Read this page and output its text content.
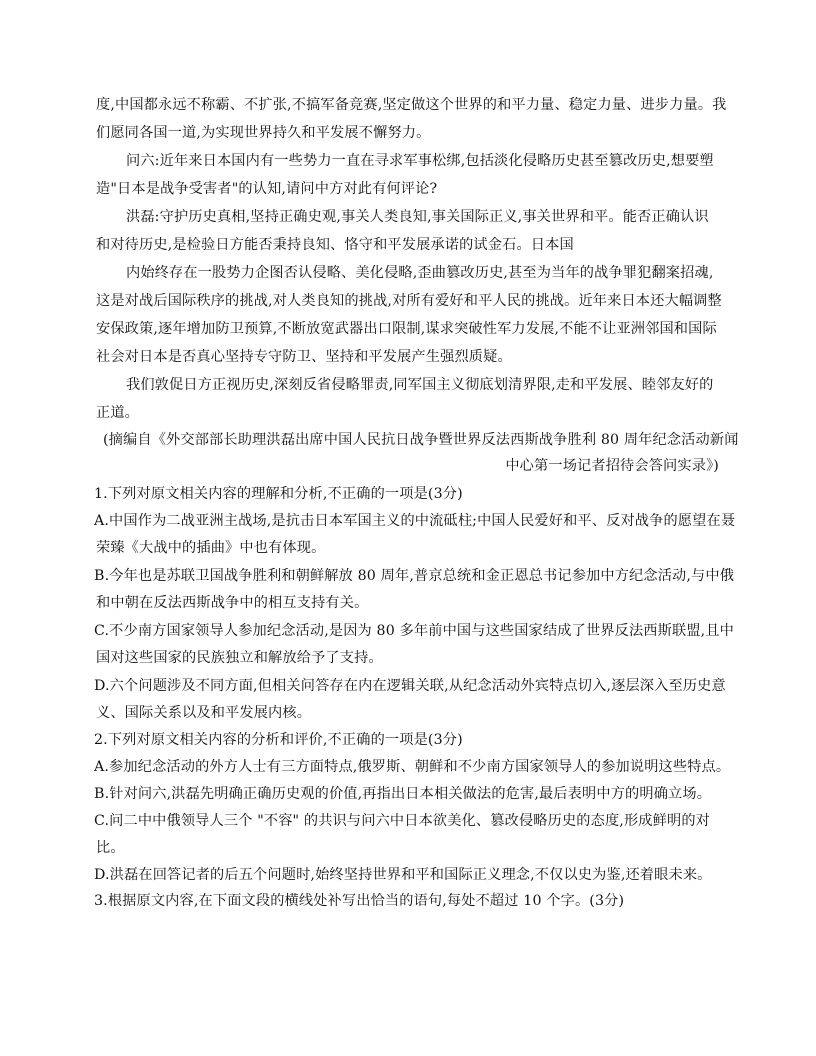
度,中国都永远不称霸、不扩张,不搞军备竞赛,坚定做这个世界的和平力量、稳定力量、进步力量。我
们愿同各国一道,为实现世界持久和平发展不懈努力。
问六:近年来日本国内有一些势力一直在寻求军事松绑,包括淡化侵略历史甚至篡改历史,想要塑
造"日本是战争受害者"的认知,请问中方对此有何评论?
洪磊:守护历史真相,坚持正确史观,事关人类良知,事关国际正义,事关世界和平。能否正确认识
和对待历史,是检验日方能否秉持良知、恪守和平发展承诺的试金石。日本国
内始终存在一股势力企图否认侵略、美化侵略,歪曲篡改历史,甚至为当年的战争罪犯翻案招魂,
这是对战后国际秩序的挑战,对人类良知的挑战,对所有爱好和平人民的挑战。近年来日本还大幅调整
安保政策,逐年增加防卫预算,不断放宽武器出口限制,谋求突破性军力发展,不能不让亚洲邻国和国际
社会对日本是否真心坚持专守防卫、坚持和平发展产生强烈质疑。
我们敦促日方正视历史,深刻反省侵略罪责,同军国主义彻底划清界限,走和平发展、睦邻友好的
正道。
(摘编自《外交部部长助理洪磊出席中国人民抗日战争暨世界反法西斯战争胜利 80 周年纪念活动新闻
中心第一场记者招待会答问实录》)
1.下列对原文相关内容的理解和分析,不正确的一项是(3分)
A.中国作为二战亚洲主战场,是抗击日本军国主义的中流砥柱;中国人民爱好和平、反对战争的愿望在聂
荣臻《大战中的插曲》中也有体现。
B.今年也是苏联卫国战争胜利和朝鲜解放 80 周年,普京总统和金正恩总书记参加中方纪念活动,与中俄
和中朝在反法西斯战争中的相互支持有关。
C.不少南方国家领导人参加纪念活动,是因为 80 多年前中国与这些国家结成了世界反法西斯联盟,且中
国对这些国家的民族独立和解放给予了支持。
D.六个问题涉及不同方面,但相关问答存在内在逻辑关联,从纪念活动外宾特点切入,逐层深入至历史意
义、国际关系以及和平发展内核。
2.下列对原文相关内容的分析和评价,不正确的一项是(3分)
A.参加纪念活动的外方人士有三方面特点,俄罗斯、朝鲜和不少南方国家领导人的参加说明这些特点。
B.针对问六,洪磊先明确正确历史观的价值,再指出日本相关做法的危害,最后表明中方的明确立场。
C.问二中中俄领导人三个 "不容" 的共识与问六中日本欲美化、篡改侵略历史的态度,形成鲜明的对
比。
D.洪磊在回答记者的后五个问题时,始终坚持世界和平和国际正义理念,不仅以史为鉴,还着眼未来。
3.根据原文内容,在下面文段的横线处补写出恰当的语句,每处不超过 10 个字。(3分)
